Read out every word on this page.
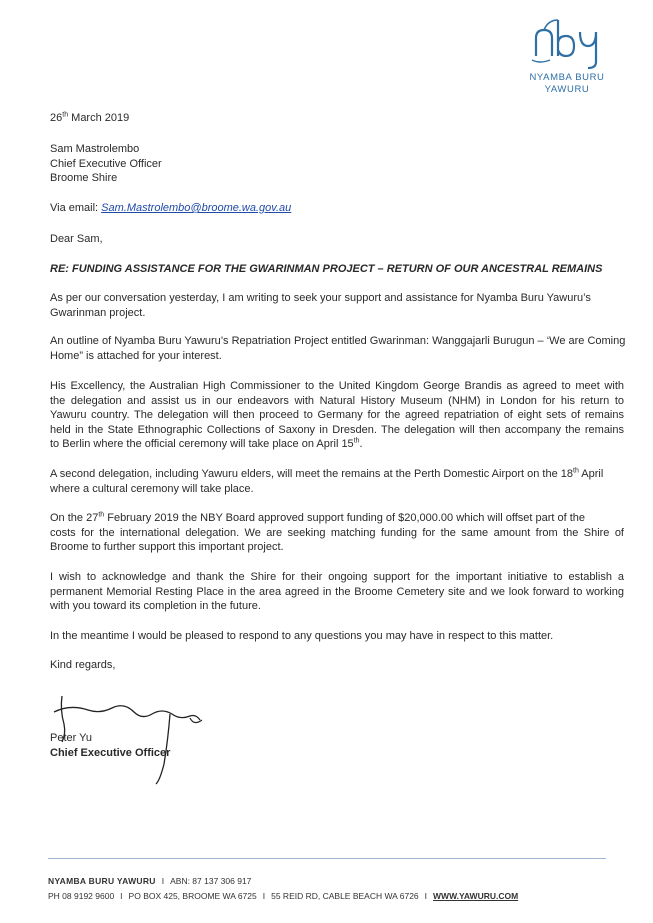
NYAMBA BURU
YAWURU
26th March 2019
Sam Mastrolembo
Chief Executive Officer
Broome Shire
Via email: Sam.Mastrolembo@broome.wa.gov.au
Dear Sam,
RE: FUNDING ASSISTANCE FOR THE GWARINMAN PROJECT – RETURN OF OUR ANCESTRAL REMAINS
As per our conversation yesterday, I am writing to seek your support and assistance for Nyamba Buru Yawuru’s
Gwarinman project.
An outline of Nyamba Buru Yawuru’s Repatriation Project entitled Gwarinman: Wanggajarli Burugun – ‘We are Coming
Home” is attached for your interest.
His Excellency, the Australian High Commissioner to the United Kingdom George Brandis as agreed to meet with
the delegation and assist us in our endeavors with Natural History Museum (NHM) in London for his return to
Yawuru country. The delegation will then proceed to Germany for the agreed repatriation of eight sets of remains
held in the State Ethnographic Collections of Saxony in Dresden. The delegation will then accompany the remains
to Berlin where the official ceremony will take place on April 15th.
A second delegation, including Yawuru elders, will meet the remains at the Perth Domestic Airport on the 18th April
where a cultural ceremony will take place.
On the 27th February 2019 the NBY Board approved support funding of $20,000.00 which will offset part of the
costs for the international delegation. We are seeking matching funding for the same amount from the Shire of
Broome to further support this important project.
I wish to acknowledge and thank the Shire for their ongoing support for the important initiative to establish a
permanent Memorial Resting Place in the area agreed in the Broome Cemetery site and we look forward to working
with you toward its completion in the future.
In the meantime I would be pleased to respond to any questions you may have in respect to this matter.
Kind regards,
Peter Yu
Chief Executive Officer
NYAMBA BURU YAWURU I ABN: 87 137 306 917
PH 08 9192 9600 I PO BOX 425, BROOME WA 6725 I 55 REID RD, CABLE BEACH WA 6726 I WWW.YAWURU.COM
